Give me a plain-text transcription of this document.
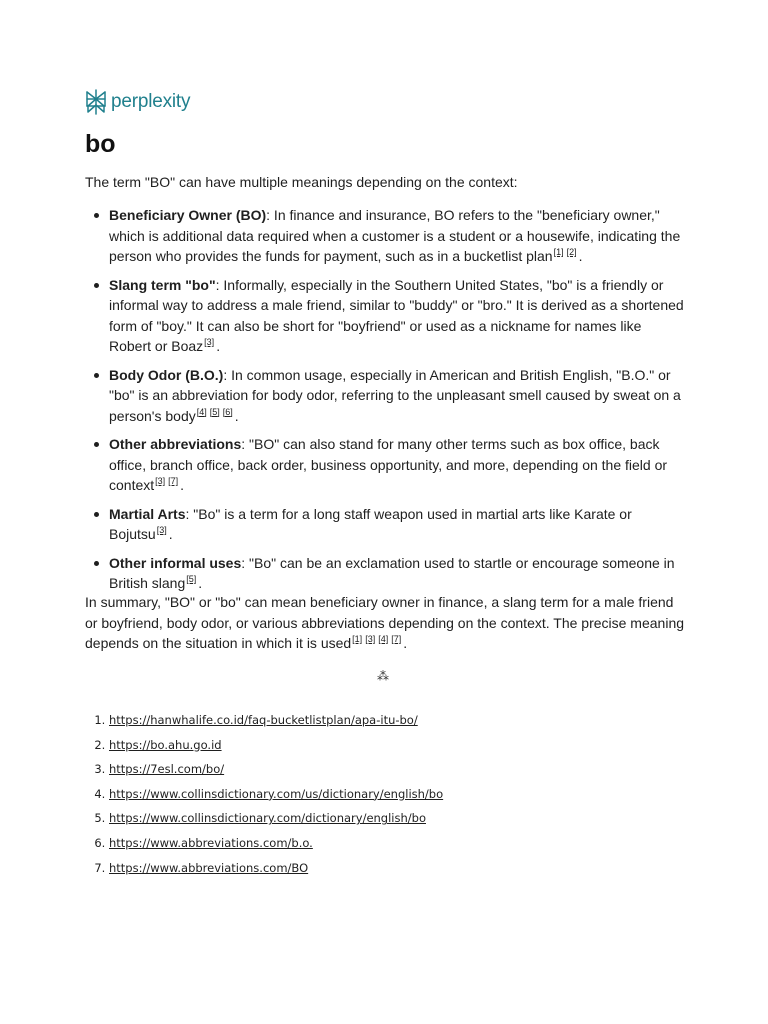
perplexity
bo

The term "BO" can have multiple meanings depending on the context:

Beneficiary Owner (BO): In finance and insurance, BO refers to the "beneficiary owner," which is additional data required when a customer is a student or a housewife, indicating the person who provides the funds for payment, such as in a bucketlist plan[1] [2] .
Slang term "bo": Informally, especially in the Southern United States, "bo" is a friendly or informal way to address a male friend, similar to "buddy" or "bro." It is derived as a shortened form of "boy." It can also be short for "boyfriend" or used as a nickname for names like Robert or Boaz[3] .
Body Odor (B.O.): In common usage, especially in American and British English, "B.O." or "bo" is an abbreviation for body odor, referring to the unpleasant smell caused by sweat on a person's body[4] [5] [6] .
Other abbreviations: "BO" can also stand for many other terms such as box office, back office, branch office, back order, business opportunity, and more, depending on the field or context[3] [7] .
Martial Arts: "Bo" is a term for a long staff weapon used in martial arts like Karate or Bojutsu[3] .
Other informal uses: "Bo" can be an exclamation used to startle or encourage someone in British slang[5] .

In summary, "BO" or "bo" can mean beneficiary owner in finance, a slang term for a male friend or boyfriend, body odor, or various abbreviations depending on the context. The precise meaning depends on the situation in which it is used[1] [3] [4] [7] .

⁂
1. https://hanwhalife.co.id/faq-bucketlistplan/apa-itu-bo/
2. https://bo.ahu.go.id
3. https://7esl.com/bo/
4. https://www.collinsdictionary.com/us/dictionary/english/bo
5. https://www.collinsdictionary.com/dictionary/english/bo
6. https://www.abbreviations.com/b.o.
7. https://www.abbreviations.com/BO
